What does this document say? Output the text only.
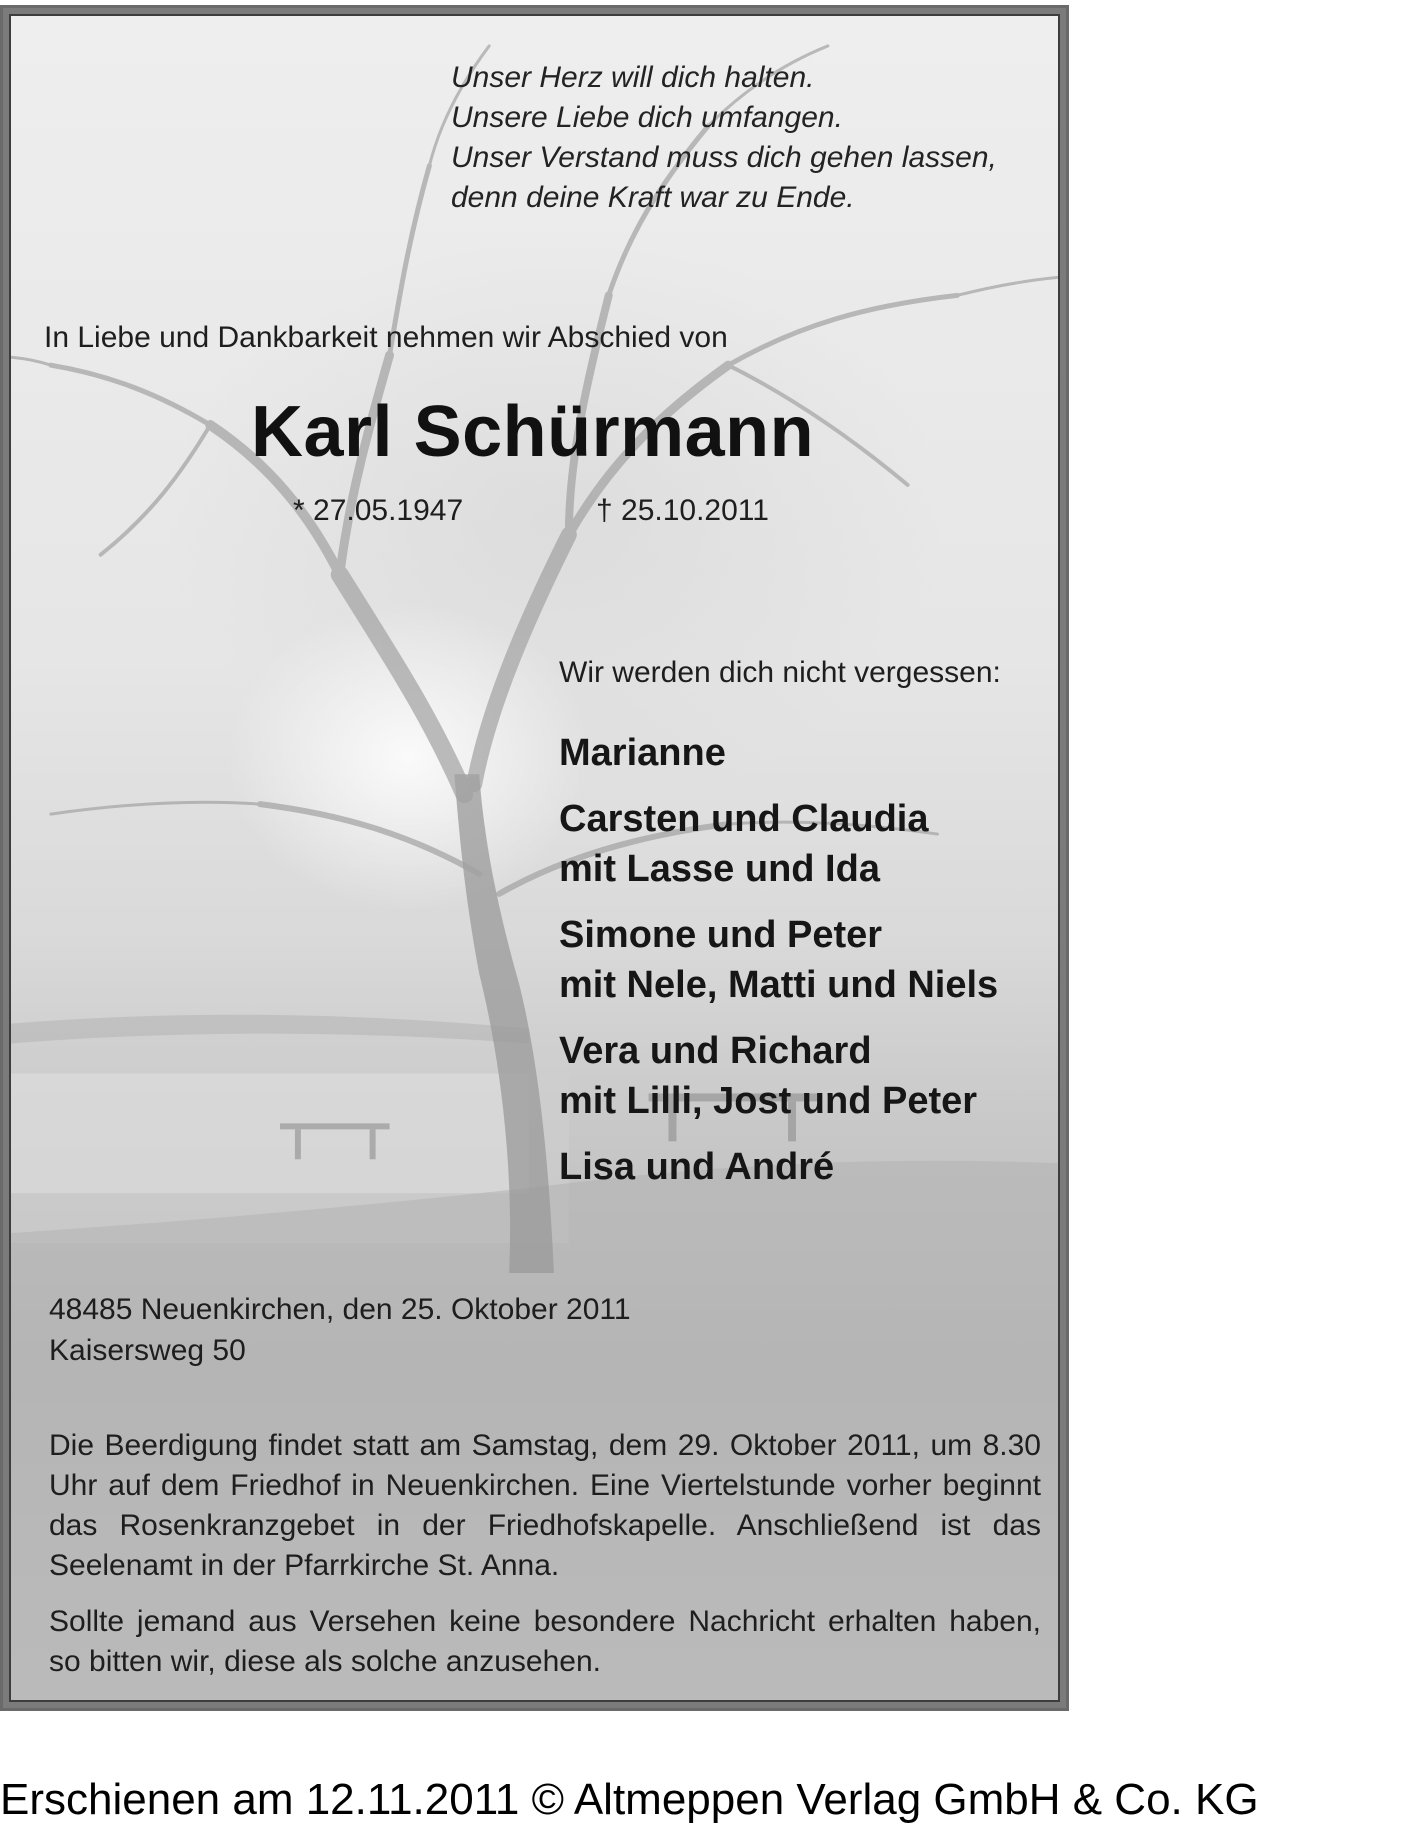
Unser Herz will dich halten.
Unsere Liebe dich umfangen.
Unser Verstand muss dich gehen lassen,
denn deine Kraft war zu Ende.
In Liebe und Dankbarkeit nehmen wir Abschied von
Karl Schürmann
* 27.05.1947	† 25.10.2011
Wir werden dich nicht vergessen:
Marianne
Carsten und Claudia
mit Lasse und Ida
Simone und Peter
mit Nele, Matti und Niels
Vera und Richard
mit Lilli, Jost und Peter
Lisa und André
48485 Neuenkirchen, den 25. Oktober 2011
Kaisersweg 50
Die Beerdigung findet statt am Samstag, dem 29. Oktober 2011, um 8.30 Uhr auf dem Friedhof in Neuenkirchen. Eine Viertelstunde vorher beginnt das Rosenkranzgebet in der Friedhofskapelle. Anschließend ist das Seelenamt in der Pfarrkirche St. Anna.
Sollte jemand aus Versehen keine besondere Nachricht erhalten haben, so bitten wir, diese als solche anzusehen.
Erschienen am 12.11.2011 © Altmeppen Verlag GmbH & Co. KG
